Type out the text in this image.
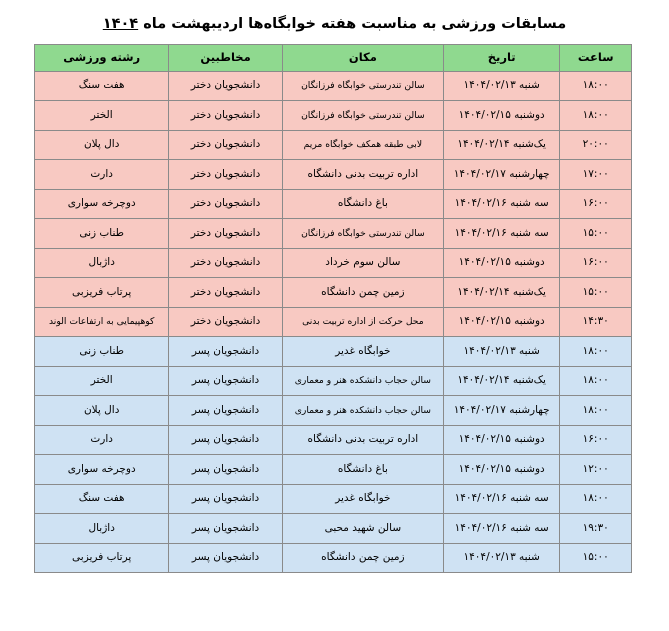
مسابقات ورزشی به مناسبت هفته خوابگاه‌ها اردیبهشت ماه ۱۴۰۴
ساعت	تاریخ	مکان	مخاطبین	رشته ورزشی
۱۸:۰۰	شنبه ۱۴۰۴/۰۲/۱۳	سالن تندرستی خوابگاه فرزانگان	دانشجویان دختر	هفت سنگ
۱۸:۰۰	دوشنبه ۱۴۰۴/۰۲/۱۵	سالن تندرستی خوابگاه فرزانگان	دانشجویان دختر	الختر
۲۰:۰۰	یک‌شنبه ۱۴۰۴/۰۲/۱۴	لابی طبقه همکف خوابگاه مریم	دانشجویان دختر	دال پلان
۱۷:۰۰	چهارشنبه ۱۴۰۴/۰۲/۱۷	اداره تربیت بدنی دانشگاه	دانشجویان دختر	دارت
۱۶:۰۰	سه شنبه ۱۴۰۴/۰۲/۱۶	باغ دانشگاه	دانشجویان دختر	دوچرخه سواری
۱۵:۰۰	سه شنبه ۱۴۰۴/۰۲/۱۶	سالن تندرستی خوابگاه فرزانگان	دانشجویان دختر	طناب زنی
۱۶:۰۰	دوشنبه ۱۴۰۴/۰۲/۱۵	سالن سوم خرداد	دانشجویان دختر	داژبال
۱۵:۰۰	یک‌شنبه ۱۴۰۴/۰۲/۱۴	زمین چمن دانشگاه	دانشجویان دختر	پرتاب فریزبی
۱۴:۳۰	دوشنبه ۱۴۰۴/۰۲/۱۵	محل حرکت از اداره تربیت بدنی	دانشجویان دختر	کوهپیمایی به ارتفاعات الوند
۱۸:۰۰	شنبه ۱۴۰۴/۰۲/۱۳	خوابگاه غدیر	دانشجویان پسر	طناب زنی
۱۸:۰۰	یک‌شنبه ۱۴۰۴/۰۲/۱۴	سالن حجاب دانشکده هنر و معماری	دانشجویان پسر	الختر
۱۸:۰۰	چهارشنبه ۱۴۰۴/۰۲/۱۷	سالن حجاب دانشکده هنر و معماری	دانشجویان پسر	دال پلان
۱۶:۰۰	دوشنبه ۱۴۰۴/۰۲/۱۵	اداره تربیت بدنی دانشگاه	دانشجویان پسر	دارت
۱۲:۰۰	دوشنبه ۱۴۰۴/۰۲/۱۵	باغ دانشگاه	دانشجویان پسر	دوچرخه سواری
۱۸:۰۰	سه شنبه ۱۴۰۴/۰۲/۱۶	خوابگاه غدیر	دانشجویان پسر	هفت سنگ
۱۹:۳۰	سه شنبه ۱۴۰۴/۰۲/۱۶	سالن شهید محبی	دانشجویان پسر	داژبال
۱۵:۰۰	شنبه ۱۴۰۴/۰۲/۱۳	زمین چمن دانشگاه	دانشجویان پسر	پرتاب فریزبی
